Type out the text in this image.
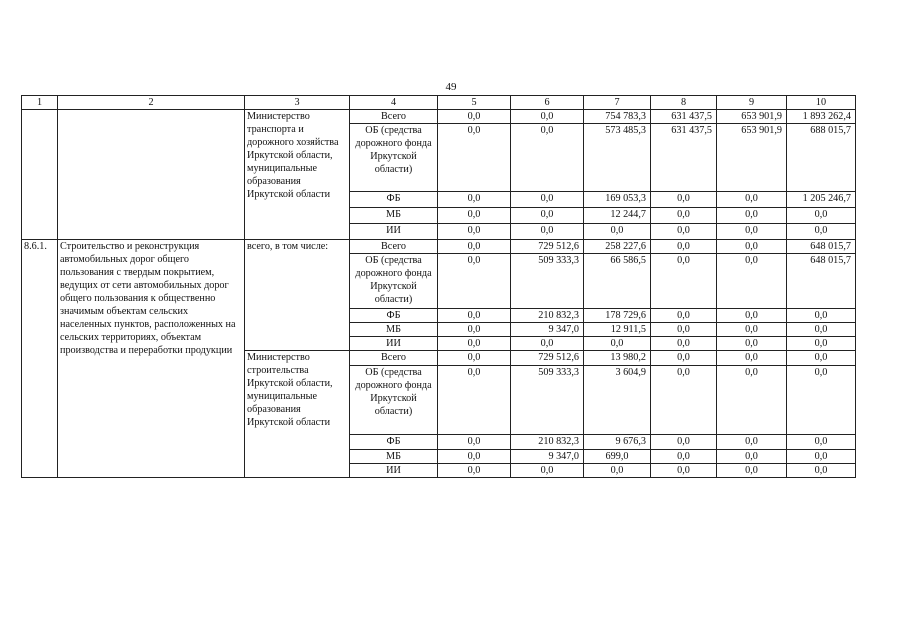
49
1	2	3	4	5	6	7	8	9	10
		Министерство транспорта и дорожного хозяйства Иркутской области, муниципальные образования Иркутской области	Всего	0,0	0,0	754 783,3	631 437,5	653 901,9	1 893 262,4
			ОБ (средства дорожного фонда Иркутской области)	0,0	0,0	573 485,3	631 437,5	653 901,9	688 015,7
			ФБ	0,0	0,0	169 053,3	0,0	0,0	1 205 246,7
			МБ	0,0	0,0	12 244,7	0,0	0,0	0,0
			ИИ	0,0	0,0	0,0	0,0	0,0	0,0
8.6.1.	Строительство и реконструкция автомобильных дорог общего пользования с твердым покрытием, ведущих от сети автомобильных дорог общего пользования к общественно значимым объектам сельских населенных пунктов, расположенных на сельских территориях, объектам производства и переработки продукции	всего, в том числе:	Всего	0,0	729 512,6	258 227,6	0,0	0,0	648 015,7
			ОБ (средства дорожного фонда Иркутской области)	0,0	509 333,3	66 586,5	0,0	0,0	648 015,7
			ФБ	0,0	210 832,3	178 729,6	0,0	0,0	0,0
			МБ	0,0	9 347,0	12 911,5	0,0	0,0	0,0
			ИИ	0,0	0,0	0,0	0,0	0,0	0,0
		Министерство строительства Иркутской области, муниципальные образования Иркутской области	Всего	0,0	729 512,6	13 980,2	0,0	0,0	0,0
			ОБ (средства дорожного фонда Иркутской области)	0,0	509 333,3	3 604,9	0,0	0,0	0,0
			ФБ	0,0	210 832,3	9 676,3	0,0	0,0	0,0
			МБ	0,0	9 347,0	699,0	0,0	0,0	0,0
			ИИ	0,0	0,0	0,0	0,0	0,0	0,0
